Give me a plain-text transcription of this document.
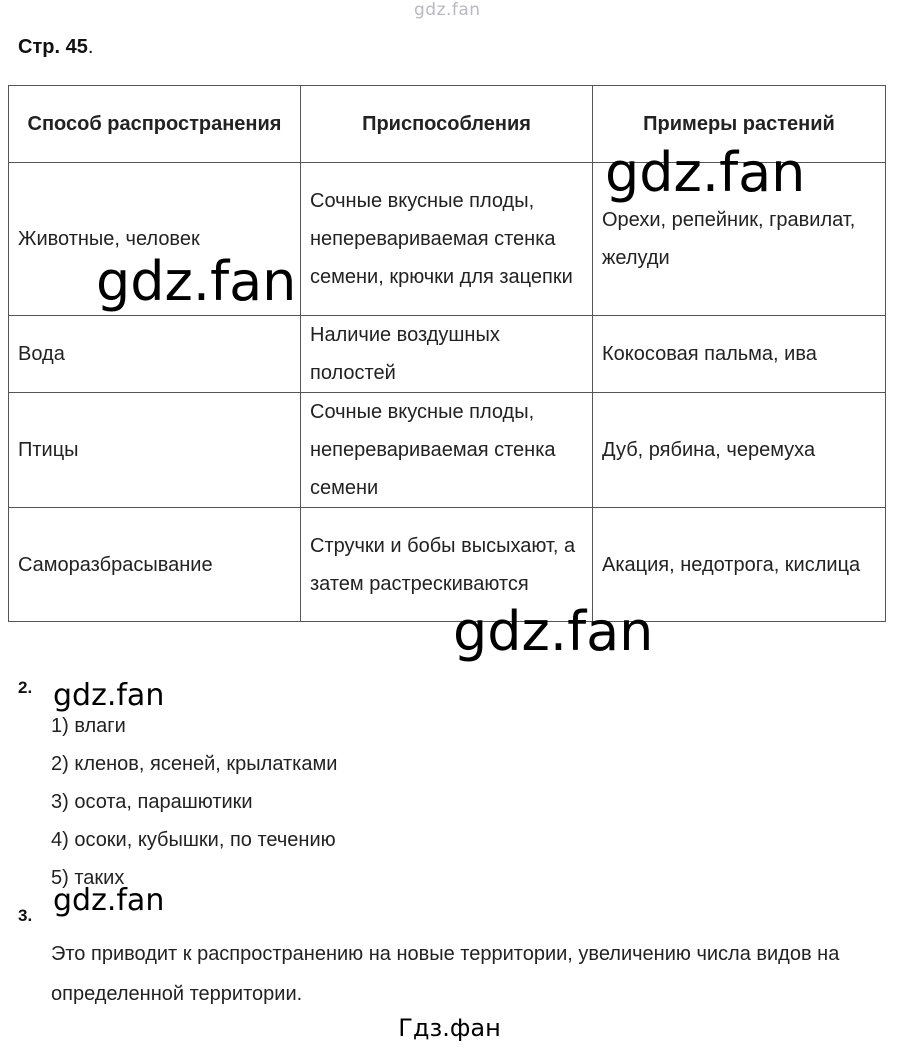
gdz.fan
Стр. 45.
Способ распространения	Приспособления	Примеры растений
Животные, человек	Сочные вкусные плоды, неперевариваемая стенка семени, крючки для зацепки	Орехи, репейник, гравилат, желуди
Вода	Наличие воздушных полостей	Кокосовая пальма, ива
Птицы	Сочные вкусные плоды, неперевариваемая стенка семени	Дуб, рябина, черемуха
Саморазбрасывание	Стручки и бобы высыхают, а затем растрескиваются	Акация, недотрога, кислица
gdz.fan
gdz.fan
gdz.fan
2. gdz.fan
1) влаги
2) кленов, ясеней, крылатками
3) осота, парашютики
4) осоки, кубышки, по течению
5) таких
3. gdz.fan
Это приводит к распространению на новые территории, увеличению числа видов на определенной территории.
Гдз.фан
